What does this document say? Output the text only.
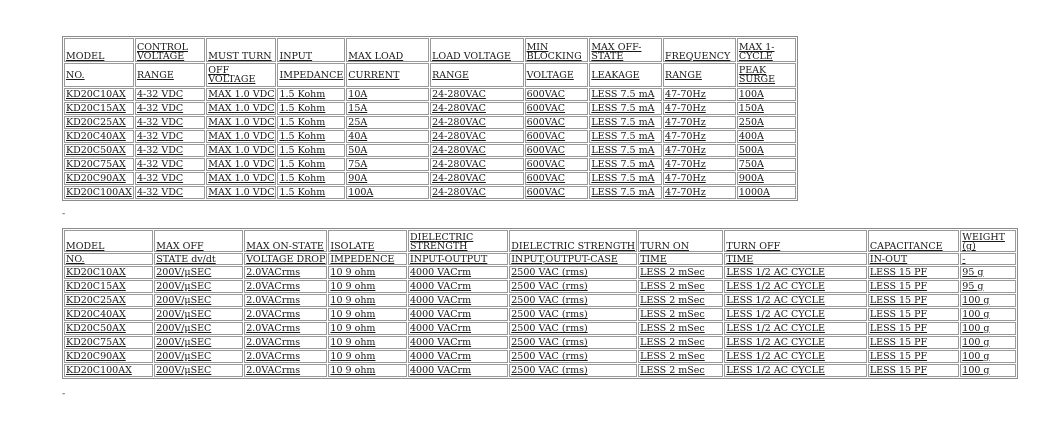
MODEL	CONTROL VOLTAGE	MUST TURN	INPUT	MAX LOAD	LOAD VOLTAGE	MIN BLOCKING	MAX OFF-STATE	FREQUENCY	MAX 1-CYCLE
NO.	RANGE	OFF VOLTAGE	IMPEDANCE	CURRENT	RANGE	VOLTAGE	LEAKAGE	RANGE	PEAK SURGE
KD20C10AX	4-32 VDC	MAX 1.0 VDC	1.5 Kohm	10A	24-280VAC	600VAC	LESS 7.5 mA	47-70Hz	100A
KD20C15AX	4-32 VDC	MAX 1.0 VDC	1.5 Kohm	15A	24-280VAC	600VAC	LESS 7.5 mA	47-70Hz	150A
KD20C25AX	4-32 VDC	MAX 1.0 VDC	1.5 Kohm	25A	24-280VAC	600VAC	LESS 7.5 mA	47-70Hz	250A
KD20C40AX	4-32 VDC	MAX 1.0 VDC	1.5 Kohm	40A	24-280VAC	600VAC	LESS 7.5 mA	47-70Hz	400A
KD20C50AX	4-32 VDC	MAX 1.0 VDC	1.5 Kohm	50A	24-280VAC	600VAC	LESS 7.5 mA	47-70Hz	500A
KD20C75AX	4-32 VDC	MAX 1.0 VDC	1.5 Kohm	75A	24-280VAC	600VAC	LESS 7.5 mA	47-70Hz	750A
KD20C90AX	4-32 VDC	MAX 1.0 VDC	1.5 Kohm	90A	24-280VAC	600VAC	LESS 7.5 mA	47-70Hz	900A
KD20C100AX	4-32 VDC	MAX 1.0 VDC	1.5 Kohm	100A	24-280VAC	600VAC	LESS 7.5 mA	47-70Hz	1000A
-
MODEL	MAX OFF	MAX ON-STATE	ISOLATE	DIELECTRIC STRENGTH	DIELECTRIC STRENGTH	TURN ON	TURN OFF	CAPACITANCE	WEIGHT (g)
NO.	STATE dv/dt	VOLTAGE DROP	IMPEDENCE	INPUT-OUTPUT	INPUT,OUTPUT-CASE	TIME	TIME	IN-OUT	-
KD20C10AX	200V/µSEC	2.0VACrms	10 9 ohm	4000 VACrm	2500 VAC (rms)	LESS 2 mSec	LESS 1/2 AC CYCLE	LESS 15 PF	95 g
KD20C15AX	200V/µSEC	2.0VACrms	10 9 ohm	4000 VACrm	2500 VAC (rms)	LESS 2 mSec	LESS 1/2 AC CYCLE	LESS 15 PF	95 g
KD20C25AX	200V/µSEC	2.0VACrms	10 9 ohm	4000 VACrm	2500 VAC (rms)	LESS 2 mSec	LESS 1/2 AC CYCLE	LESS 15 PF	100 g
KD20C40AX	200V/µSEC	2.0VACrms	10 9 ohm	4000 VACrm	2500 VAC (rms)	LESS 2 mSec	LESS 1/2 AC CYCLE	LESS 15 PF	100 g
KD20C50AX	200V/µSEC	2.0VACrms	10 9 ohm	4000 VACrm	2500 VAC (rms)	LESS 2 mSec	LESS 1/2 AC CYCLE	LESS 15 PF	100 g
KD20C75AX	200V/µSEC	2.0VACrms	10 9 ohm	4000 VACrm	2500 VAC (rms)	LESS 2 mSec	LESS 1/2 AC CYCLE	LESS 15 PF	100 g
KD20C90AX	200V/µSEC	2.0VACrms	10 9 ohm	4000 VACrm	2500 VAC (rms)	LESS 2 mSec	LESS 1/2 AC CYCLE	LESS 15 PF	100 g
KD20C100AX	200V/µSEC	2.0VACrms	10 9 ohm	4000 VACrm	2500 VAC (rms)	LESS 2 mSec	LESS 1/2 AC CYCLE	LESS 15 PF	100 g
-
